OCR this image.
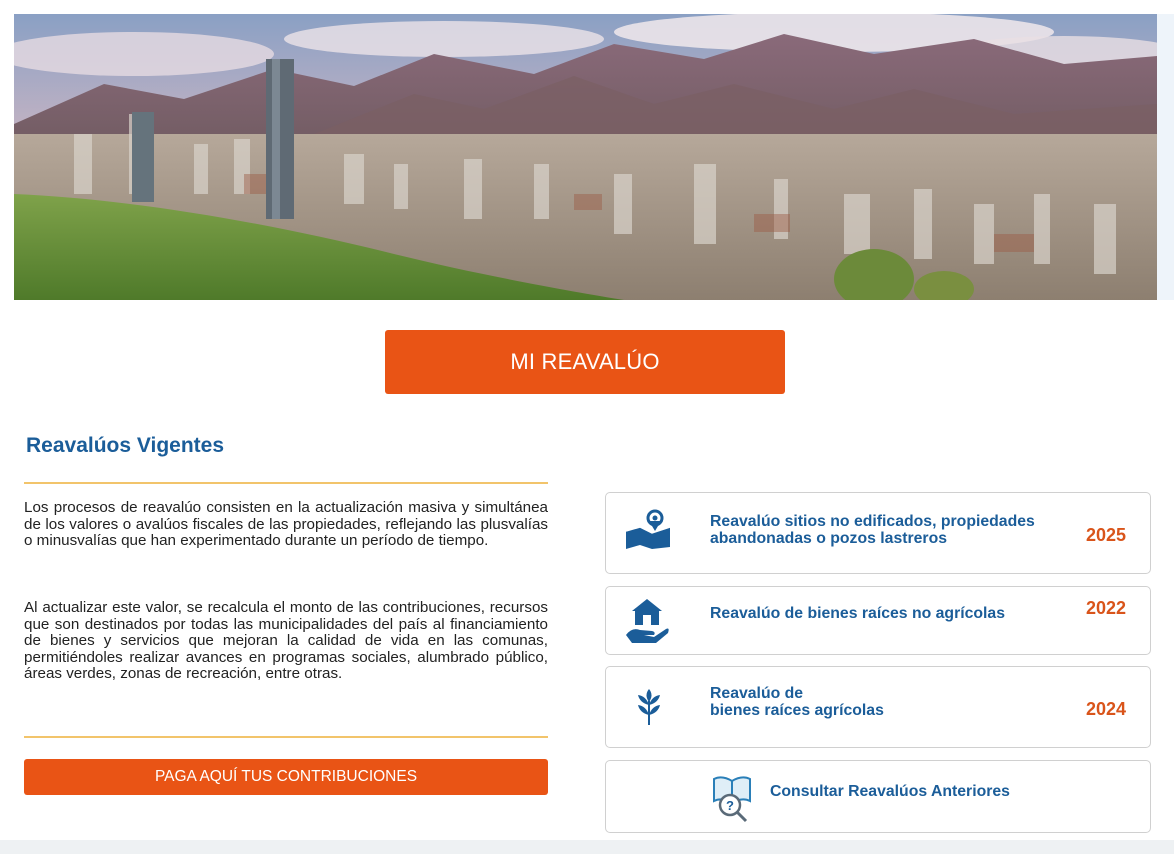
MI REAVALÚO
Reavalúos Vigentes

Los procesos de reavalúo consisten en la actualización masiva y simultánea de los valores o avalúos fiscales de las propiedades, reflejando las plusvalías o minusvalías que han experimentado durante un período de tiempo.

Al actualizar este valor, se recalcula el monto de las contribuciones, recursos que son destinados por todas las municipalidades del país al financiamiento de bienes y servicios que mejoran la calidad de vida en las comunas, permitiéndoles realizar avances en programas sociales, alumbrado público, áreas verdes, zonas de recreación, entre otras.

PAGA AQUÍ TUS CONTRIBUCIONES
Reavalúo sitios no edificados, propiedades
abandonadas o pozos lastreros	2025
Reavalúo de bienes raíces no agrícolas	2022
Reavalúo de
bienes raíces agrícolas	2024
?
Consultar Reavalúos Anteriores
